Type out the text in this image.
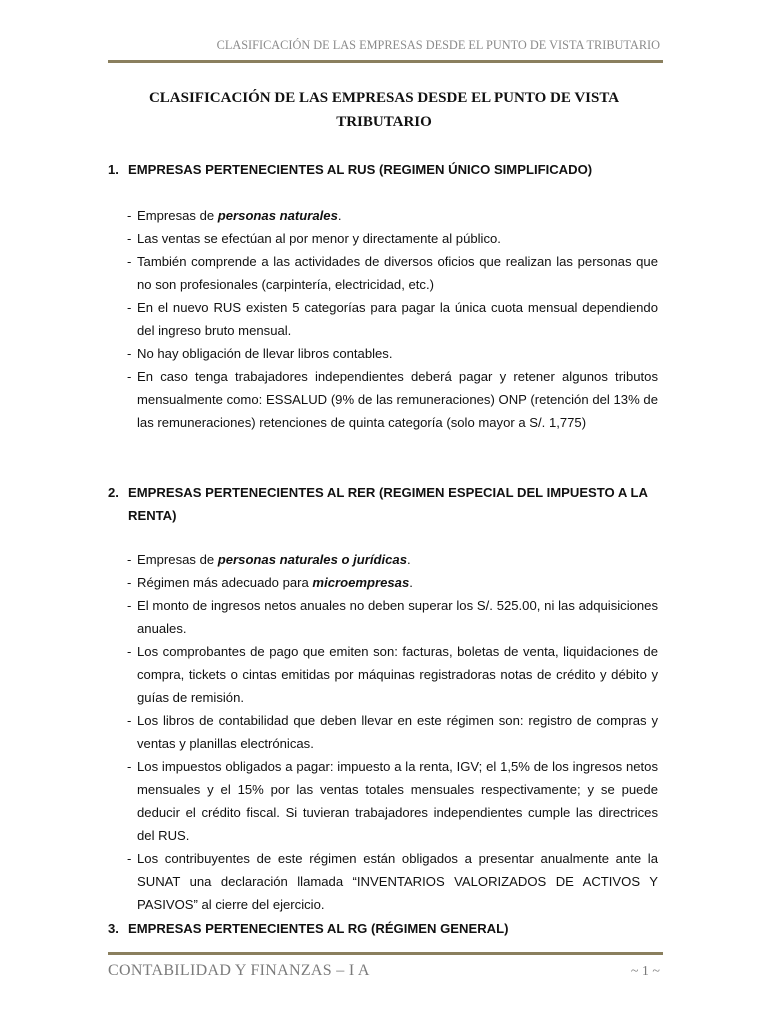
CLASIFICACIÓN DE LAS EMPRESAS DESDE EL PUNTO DE VISTA TRIBUTARIO
CLASIFICACIÓN DE LAS EMPRESAS DESDE EL PUNTO DE VISTA
TRIBUTARIO
1. EMPRESAS PERTENECIENTES AL RUS (REGIMEN ÚNICO SIMPLIFICADO)
- Empresas de personas naturales.
- Las ventas se efectúan al por menor y directamente al público.
- También comprende a las actividades de diversos oficios que realizan las personas que no son profesionales (carpintería, electricidad, etc.)
- En el nuevo RUS existen 5 categorías para pagar la única cuota mensual dependiendo del ingreso bruto mensual.
- No hay obligación de llevar libros contables.
- En caso tenga trabajadores independientes deberá pagar y retener algunos tributos mensualmente como: ESSALUD (9% de las remuneraciones) ONP (retención del 13% de las remuneraciones) retenciones de quinta categoría (solo mayor a S/. 1,775)
2. EMPRESAS PERTENECIENTES AL RER (REGIMEN ESPECIAL DEL IMPUESTO A LA RENTA)
- Empresas de personas naturales o jurídicas.
- Régimen más adecuado para microempresas.
- El monto de ingresos netos anuales no deben superar los S/. 525.00, ni las adquisiciones anuales.
- Los comprobantes de pago que emiten son: facturas, boletas de venta, liquidaciones de compra, tickets o cintas emitidas por máquinas registradoras notas de crédito y débito y guías de remisión.
- Los libros de contabilidad que deben llevar en este régimen son: registro de compras y ventas y planillas electrónicas.
- Los impuestos obligados a pagar: impuesto a la renta, IGV; el 1,5% de los ingresos netos mensuales y el 15% por las ventas totales mensuales respectivamente; y se puede deducir el crédito fiscal. Si tuvieran trabajadores independientes cumple las directrices del RUS.
- Los contribuyentes de este régimen están obligados a presentar anualmente ante la SUNAT una declaración llamada “INVENTARIOS VALORIZADOS DE ACTIVOS Y PASIVOS” al cierre del ejercicio.
3. EMPRESAS PERTENECIENTES AL RG (RÉGIMEN GENERAL)
CONTABILIDAD Y FINANZAS – I A	~ 1 ~
